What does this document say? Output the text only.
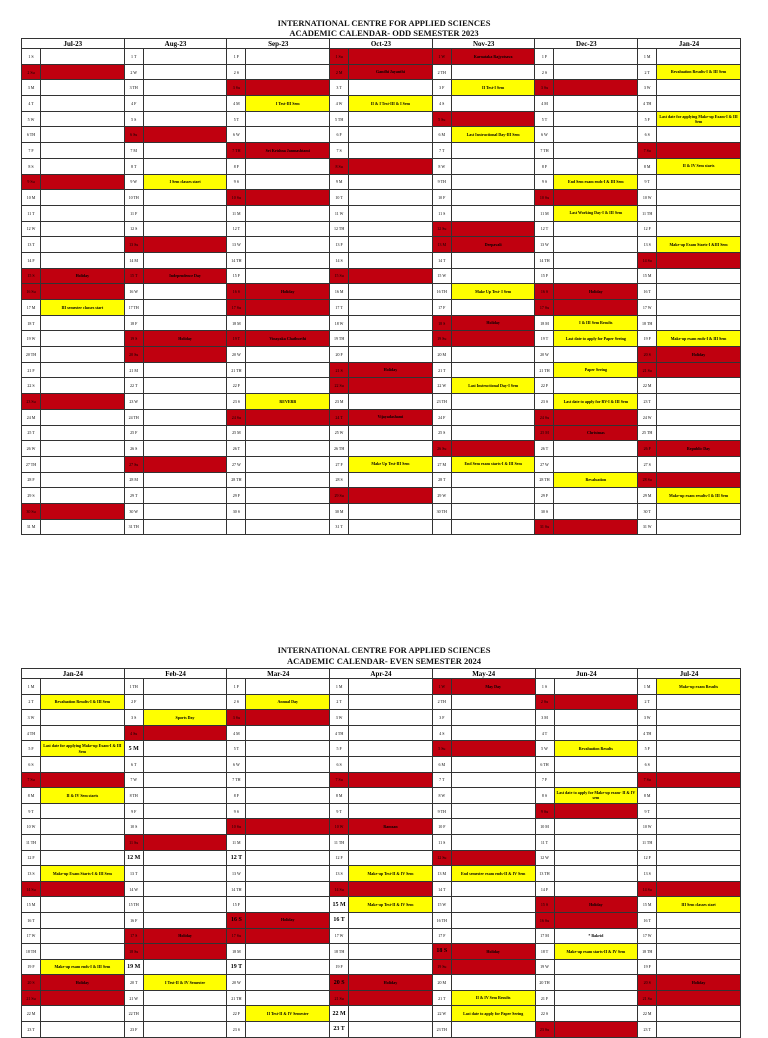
INTERNATIONAL CENTRE FOR APPLIED SCIENCES
ACADEMIC CALENDAR- ODD SEMESTER 2023
Jul-23		Aug-23		Sep-23		Oct-23		Nov-23		Dec-23		Jan-24	
1 S		1 T		1 F		1 Su		1 W	Karnataka Rajyotsava	1 F		1 M	
2 Su		2 W		2 S		2 M	Gandhi Jayanthi	2 TH		2 S		2 T	Revaluation Results-I & III Sem
3 M		3 TH		3 Su		3 T		3 F	II Test-I Sem	3 Su		3 W	
4 T		4 F		4 M	I Test-III Sem	4 W	II & I Test-III & I Sem	4 S		4 M		4 TH	
5 W		5 S		5 T		5 TH		5 Su		5 T		5 F	Last date for applying Make-up Exam-I & III Sem
6 TH		6 Su		6 W		6 F		6 M	Last Instructional Day-III Sem	6 W		6 S	
7 F		7 M		7 TH	Sri Krishna Janmashtami	7 S		7 T		7 TH		7 Su	
8 S		8 T		8 F		8 Su		8 W		8 F		8 M	II & IV Sem starts
9 Su		9 W	I Sem classes start	9 S		9 M		9 TH		9 S	End Sem exam ends-I & III Sem	9 T	
10 M		10 TH		10 Su		10 T		10 F		10 Su		10 W	
11 T		11 F		11 M		11 W		11 S		11 M	Last Working Day-I & III Sem	11 TH	
12 W		12 S		12 T		12 TH		12 Su		12 T		12 F	
13 T		13 Su		13 W		13 F		13 M	Deepavali	13 W		13 S	Make-up Exam Starts-I &III Sem
14 F		14 M		14 TH		14 S		14 T		14 TH		14 Su	
15 S	Holiday	15 T	Independence Day	15 F		15 Su		15 W		15 F		15 M	
16 Su		16 W		16 S	Holiday	16 M		16 TH	Make Up Test- I Sem	16 S	Holiday	16 T	
17 M	III semester classes start	17 TH		17 Su		17 T		17 F		17 Su		17 W	
18 T		18 F		18 M		18 W		18 S	Holiday	18 M	I & III Sem Results	18 TH	
19 W		19 S	Holiday	19 T	Vinayaka Chathurthi	19 TH		19 Su		19 T	Last date to apply for Paper Seeing	19 F	Make-up exam ends-I & III Sem
20 TH		20 Su		20 W		20 F		20 M		20 W		20 S	Holiday
21 F		21 M		21 TH		21 S	Holiday	21 T		21 TH	Paper Seeing	21 Su	
22 S		22 T		22 F		22 Su		22 W	Last Instructional Day-I Sem	22 F		22 M	
23 Su		23 W		23 S	REVERB	23 M		23 TH		23 S	Last date to apply for RV-I & III Sem	23 T	
24 M		24 TH		24 Su		24 T	Vijayadashami	24 F		24 Su		24 W	
25 T		25 F		25 M		25 W		25 S		25 M	Christmas	25 TH	
26 W		26 S		26 T		26 TH		26 Su		26 T		26 F	Republic Day
27 TH		27 Su		27 W		27 F	Make Up Test-III Sem	27 M	End Sem exam starts-I & III Sem	27 W		27 S	
28 F		28 M		28 TH		28 S		28 T		28 TH	Revaluation	28 Su	
29 S		29 T		29 F		29 Su		29 W		29 F		29 M	Make-up exam results-I & III Sem
30 Su		30 W		30 S		30 M		30 TH		30 S		30 T	
31 M		31 TH				31 T				31 Su		31 W	
INTERNATIONAL CENTRE FOR APPLIED SCIENCES
ACADEMIC CALENDAR- EVEN SEMESTER 2024
Jan-24		Feb-24		Mar-24		Apr-24		May-24		Jun-24		Jul-24	
1 M		1 TH		1 F		1 M		1 W	May Day	1 S		1 M	Make-up exam Results
2 T	Revaluation Results-I & III Sem	2 F		2 S	Annual Day	2 T		2 TH		2 Su		2 T	
3 W		3 S	Sports Day	3 Su		3 W		3 F		3 M		3 W	
4 TH		4 Su		4 M		4 TH		4 S		4 T		4 TH	
5 F	Last date for applying Make-up Exam-I & III Sem	5 M		5 T		5 F		5 Su		5 W	Revaluation Results	5 F	
6 S		6 T		6 W		6 S		6 M		6 TH		6 S	
7 Su		7 W		7 TH		7 Su		7 T		7 F		7 Su	
8 M	II & IV Sem starts	8 TH		8 F		8 M		8 W		8 S	Last date to apply for Make-up exam- II & IV sem	8 M	
9 T		9 F		9 S		9 T		9 TH		9 Su		9 T	
10 W		10 S		10 Su		10 W	Ramzan	10 F		10 M		10 W	
11 TH		11 Su		11 M		11 TH		11 S		11 T		11 TH	
12 F		12 M		12 T		12 F		12 Su		12 W		12 F	
13 S	Make-up Exam Starts-I & III Sem	13 T		13 W		13 S	Make-up Test-II & IV Sem	13 M	End semester exam ends-II & IV Sem	13 TH		13 S	
14 Su		14 W		14 TH		14 Su		14 T		14 F		14 Su	
15 M		15 TH		15 F		15 M	Make-up Test-II & IV Sem	15 W		15 S	Holiday	15 M	III Sem classes start
16 T		16 F		16 S	Holiday	16 T		16 TH		16 Su		16 T	
17 W		17 S	Holiday	17 Su		17 W		17 F		17 M	* Bakrid	17 W	
18 TH		18 Su		18 M		18 TH		18 S	Holiday	18 T	Make-up exam starts-II & IV Sem	18 TH	
19 F	Make-up exam ends-I & III Sem	19 M		19 T		19 F		19 Su		19 W		19 F	
20 S	Holiday	20 T	I Test-II & IV Semester	20 W		20 S	Holiday	20 M		20 TH		20 S	Holiday
21 Su		21 W		21 TH		21 Su		21 T	II & IV Sem Results	21 F		21 Su	
22 M		22 TH		22 F	II Test-II & IV Semester	22 M		22 W	Last date to apply for Paper Seeing	22 S		22 M	
23 T		23 F		23 S		23 T		23 TH		23 Su		23 T	
